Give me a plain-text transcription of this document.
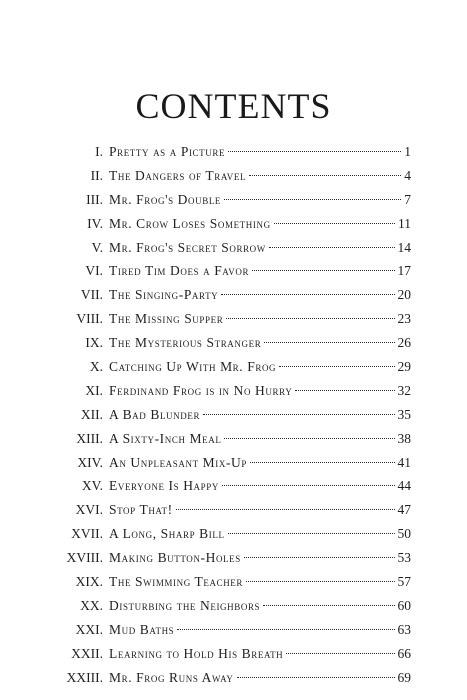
CONTENTS
I. Pretty as a Picture	1
II. The Dangers of Travel	4
III. Mr. Frog's Double	7
IV. Mr. Crow Loses Something	11
V. Mr. Frog's Secret Sorrow	14
VI. Tired Tim Does a Favor	17
VII. The Singing-Party	20
VIII. The Missing Supper	23
IX. The Mysterious Stranger	26
X. Catching Up With Mr. Frog	29
XI. Ferdinand Frog is in No Hurry	32
XII. A Bad Blunder	35
XIII. A Sixty-Inch Meal	38
XIV. An Unpleasant Mix-Up	41
XV. Everyone Is Happy	44
XVI. Stop That!	47
XVII. A Long, Sharp Bill	50
XVIII. Making Button-Holes	53
XIX. The Swimming Teacher	57
XX. Disturbing the Neighbors	60
XXI. Mud Baths	63
XXII. Learning to Hold His Breath	66
XXIII. Mr. Frog Runs Away	69
